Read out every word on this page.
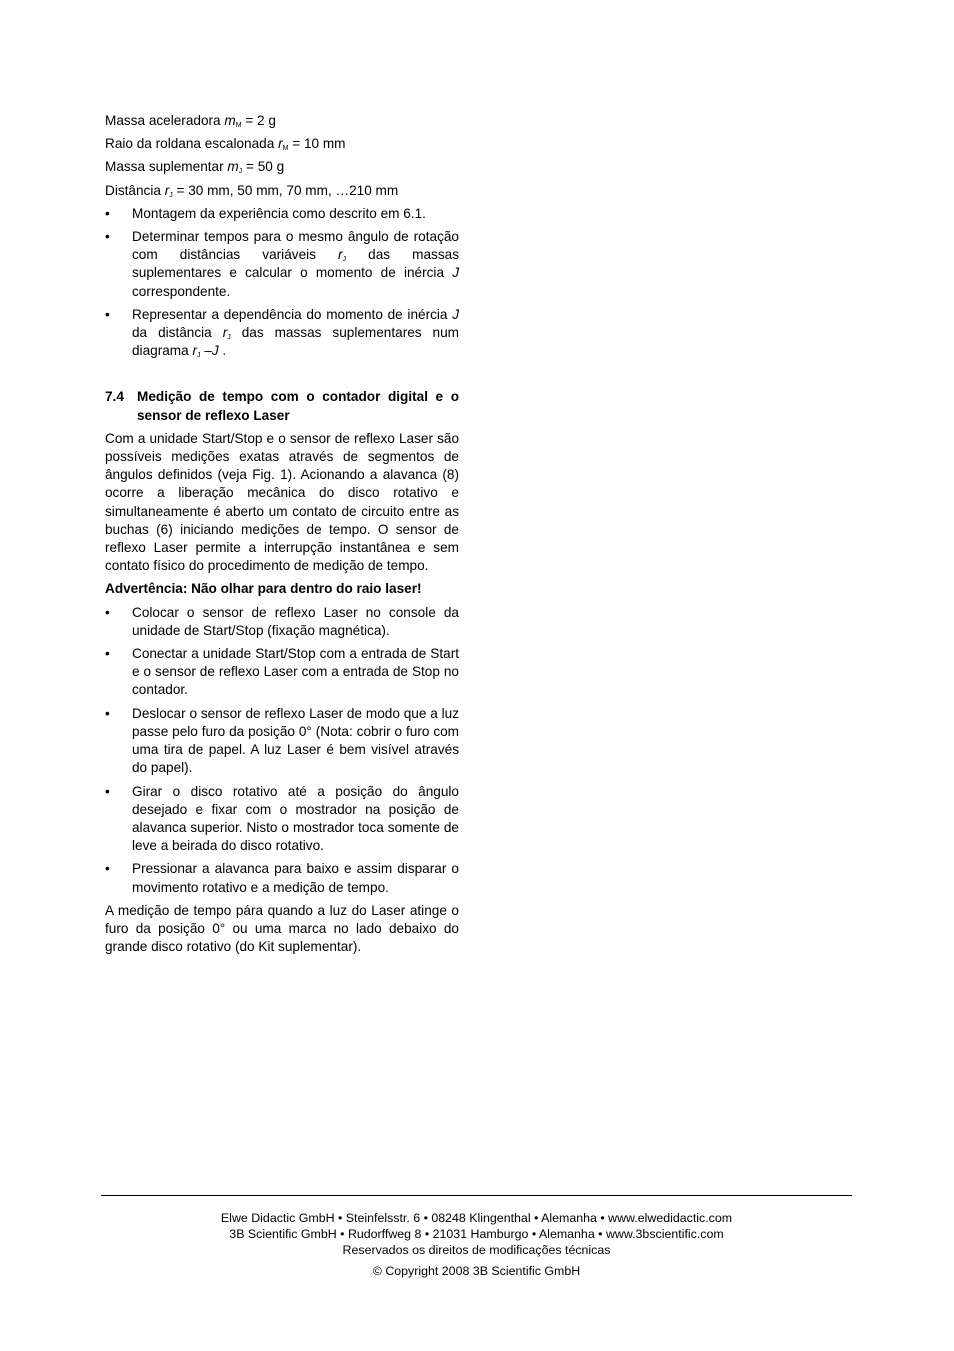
Massa aceleradora $m_M = 2$ g
Raio da roldana escalonada $r_M = 10$ mm
Massa suplementar $m_J = 50$ g
Distância $r_J = 30$ mm, 50 mm, 70 mm, …210 mm
•	Montagem da experiência como descrito em 6.1.
•	Determinar tempos para o mesmo ângulo de rotação com distâncias variáveis $r_J$ das massas suplementares e calcular o momento de inércia J correspondente.
•	Representar a dependência do momento de inércia J da distância $r_J$ das massas suplementares num diagrama $r_J$ –J .
7.4 Medição de tempo com o contador digital e o sensor de reflexo Laser

Com a unidade Start/Stop e o sensor de reflexo Laser são possíveis medições exatas através de segmentos de ângulos definidos (veja Fig. 1). Acionando a alavanca (8) ocorre a liberação mecânica do disco rotativo e simultaneamente é aberto um contato de circuito entre as buchas (6) iniciando medições de tempo. O sensor de reflexo Laser permite a interrupção instantânea e sem contato físico do procedimento de medição de tempo.

Advertência: Não olhar para dentro do raio laser!

•	Colocar o sensor de reflexo Laser no console da unidade de Start/Stop (fixação magnética).
•	Conectar a unidade Start/Stop com a entrada de Start e o sensor de reflexo Laser com a entrada de Stop no contador.
•	Deslocar o sensor de reflexo Laser de modo que a luz passe pelo furo da posição 0° (Nota: cobrir o furo com uma tira de papel. A luz Laser é bem visível através do papel).
•	Girar o disco rotativo até a posição do ângulo desejado e fixar com o mostrador na posição de alavanca superior. Nisto o mostrador toca somente de leve a beirada do disco rotativo.
•	Pressionar a alavanca para baixo e assim disparar o movimento rotativo e a medição de tempo.

A medição de tempo pára quando a luz do Laser atinge o furo da posição 0° ou uma marca no lado debaixo do grande disco rotativo (do Kit suplementar).

Elwe Didactic GmbH • Steinfelsstr. 6 • 08248 Klingenthal • Alemanha • www.elwedidactic.com
3B Scientific GmbH • Rudorffweg 8 • 21031 Hamburgo • Alemanha • www.3bscientific.com
Reservados os direitos de modificações técnicas
© Copyright 2008 3B Scientific GmbH
